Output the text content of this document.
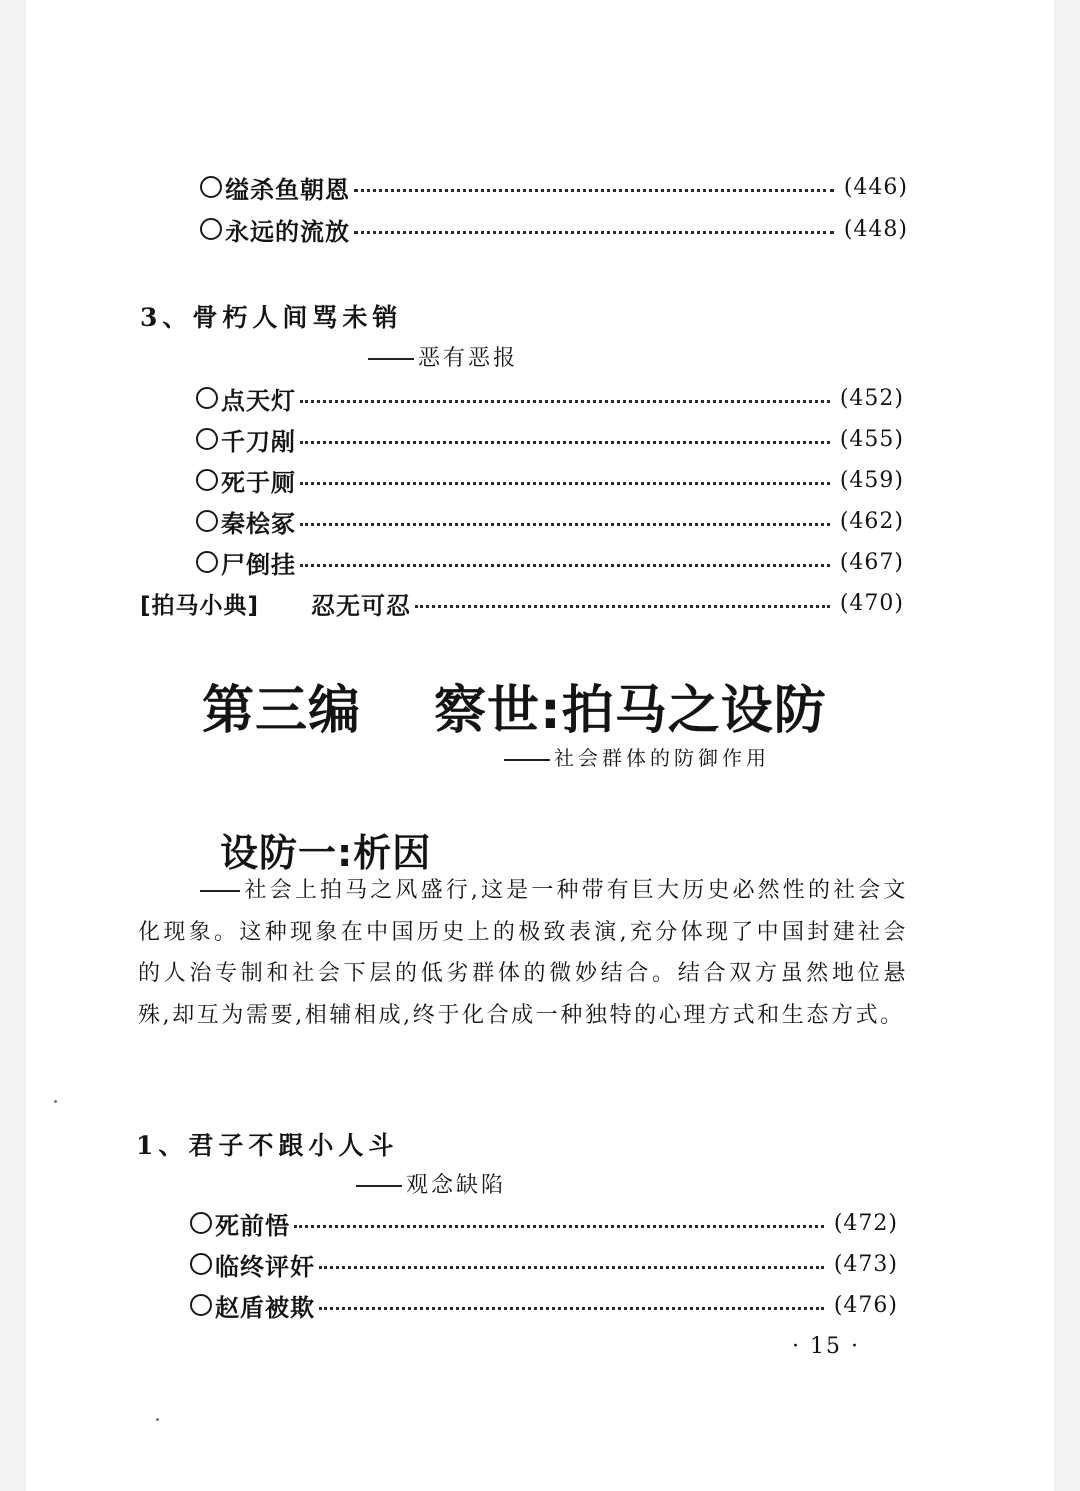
缢杀鱼朝恩	(446)
永远的流放	(448)
3、骨朽人间骂未销
恶有恶报
点天灯	(452)
千刀剐	(455)
死于厕	(459)
秦桧冢	(462)
尸倒挂	(467)
[拍马小典] 忍无可忍	(470)
第三编 察世:拍马之设防
社会群体的防御作用
设防一:析因
社会上拍马之风盛行,这是一种带有巨大历史必然性的社会文化现象。这种现象在中国历史上的极致表演,充分体现了中国封建社会的人治专制和社会下层的低劣群体的微妙结合。结合双方虽然地位悬殊,却互为需要,相辅相成,终于化合成一种独特的心理方式和生态方式。
1、君子不跟小人斗
观念缺陷
死前悟	(472)
临终评奸	(473)
赵盾被欺	(476)
· 15 ·
